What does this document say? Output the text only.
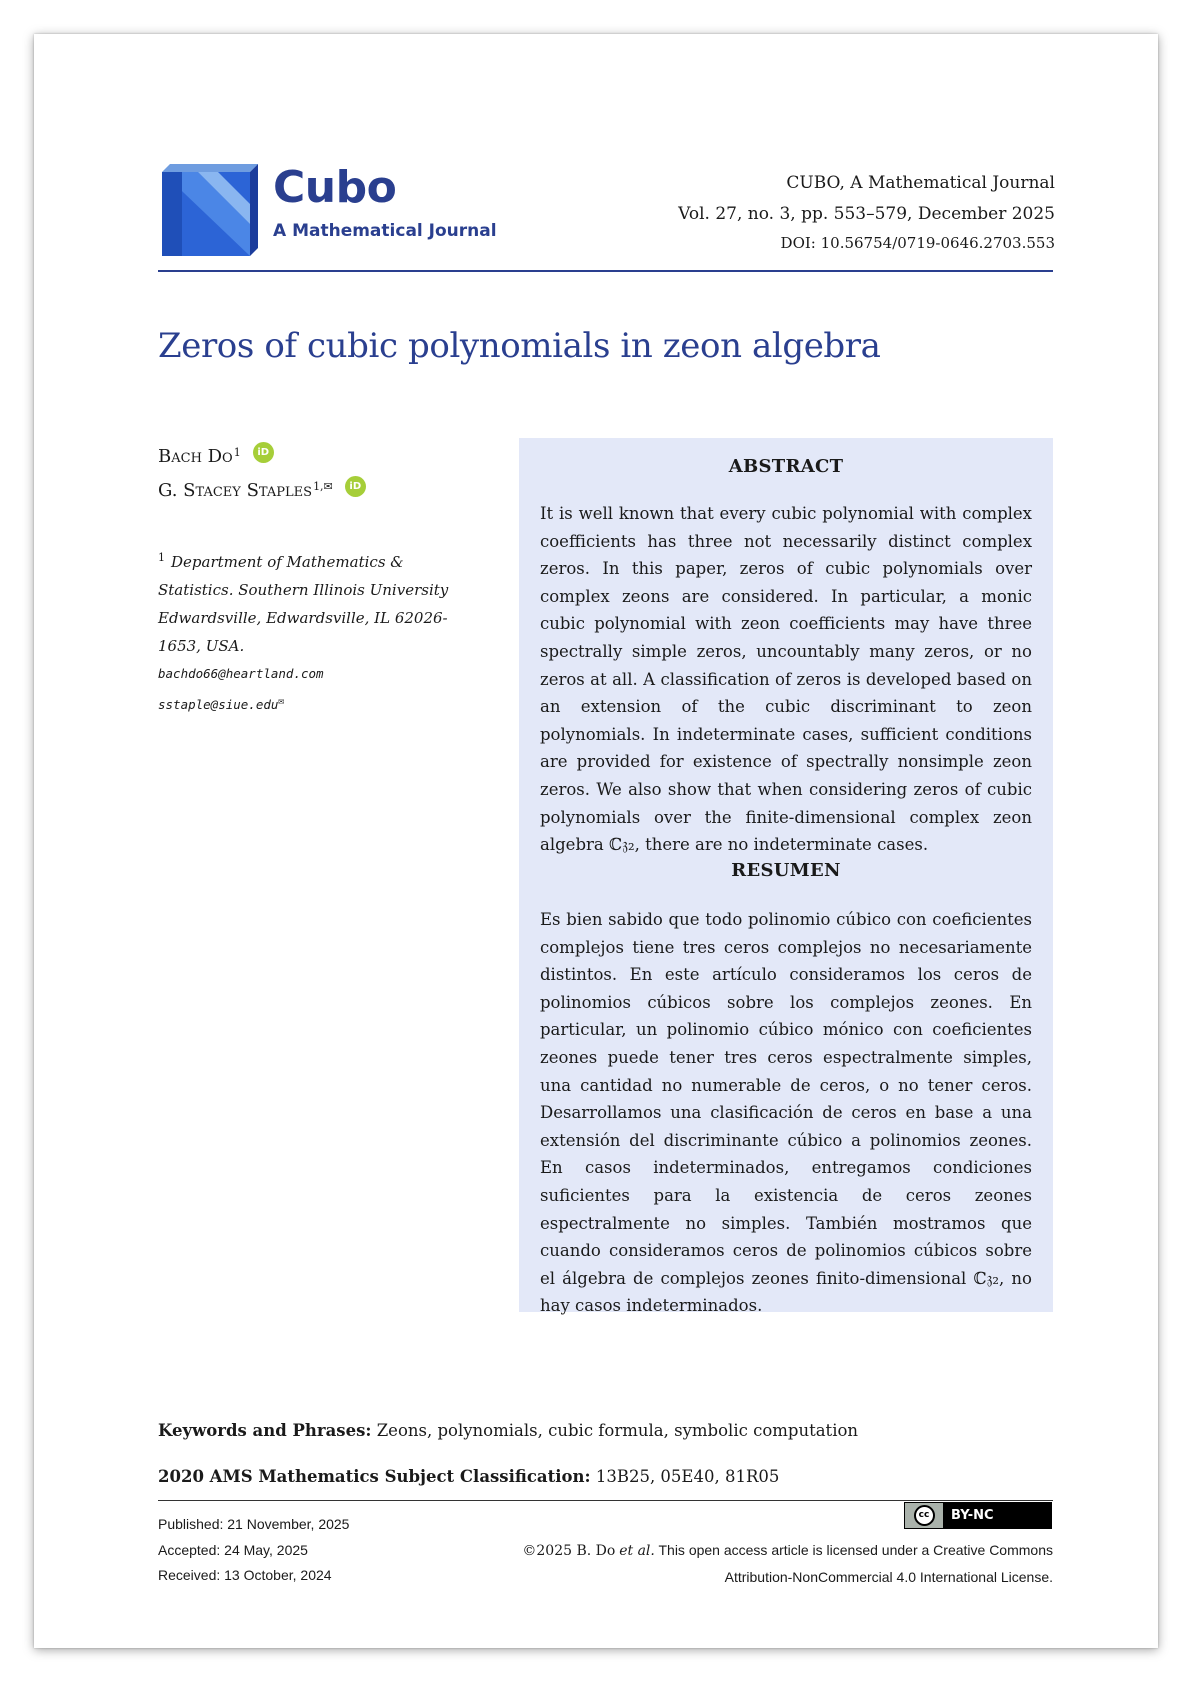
Cubo
A Mathematical Journal
CUBO, A Mathematical Journal
Vol. 27, no. 3, pp. 553–579, December 2025
DOI: 10.56754/0719-0646.2703.553
Zeros of cubic polynomials in zeon algebra
Bach Do 1	iD
G. Stacey Staples 1,✉	iD
$^1$ Department of Mathematics & Statistics. Southern Illinois University Edwardsville, Edwardsville, IL 62026-1653, USA.
bachdo66@heartland.com
sstaple@siue.edu✉
ABSTRACT
It is well known that every cubic polynomial with complex coefficients has three not necessarily distinct complex zeros. In this paper, zeros of cubic polynomials over complex zeons are considered. In particular, a monic cubic polynomial with zeon coefficients may have three spectrally simple zeros, uncountably many zeros, or no zeros at all. A classification of zeros is developed based on an extension of the cubic discriminant to zeon polynomials. In indeterminate cases, sufficient conditions are provided for existence of spectrally nonsimple zeon zeros. We also show that when considering zeros of cubic polynomials over the finite-dimensional complex zeon algebra ℂ𝔷₂, there are no indeterminate cases.
RESUMEN
Es bien sabido que todo polinomio cúbico con coeficientes complejos tiene tres ceros complejos no necesariamente distintos. En este artículo consideramos los ceros de polinomios cúbicos sobre los complejos zeones. En particular, un polinomio cúbico mónico con coeficientes zeones puede tener tres ceros espectralmente simples, una cantidad no numerable de ceros, o no tener ceros. Desarrollamos una clasificación de ceros en base a una extensión del discriminante cúbico a polinomios zeones. En casos indeterminados, entregamos condiciones suficientes para la existencia de ceros zeones espectralmente no simples. También mostramos que cuando consideramos ceros de polinomios cúbicos sobre el álgebra de complejos zeones finito-dimensional ℂ𝔷₂, no hay casos indeterminados.
Keywords and Phrases: Zeons, polynomials, cubic formula, symbolic computation
2020 AMS Mathematics Subject Classification: 13B25, 05E40, 81R05
Published: 21 November, 2025
Accepted: 24 May, 2025
Received: 13 October, 2024
cc	BY-NC
©2025 B. Do et al. This open access article is licensed under a Creative Commons
Attribution-NonCommercial 4.0 International License.
